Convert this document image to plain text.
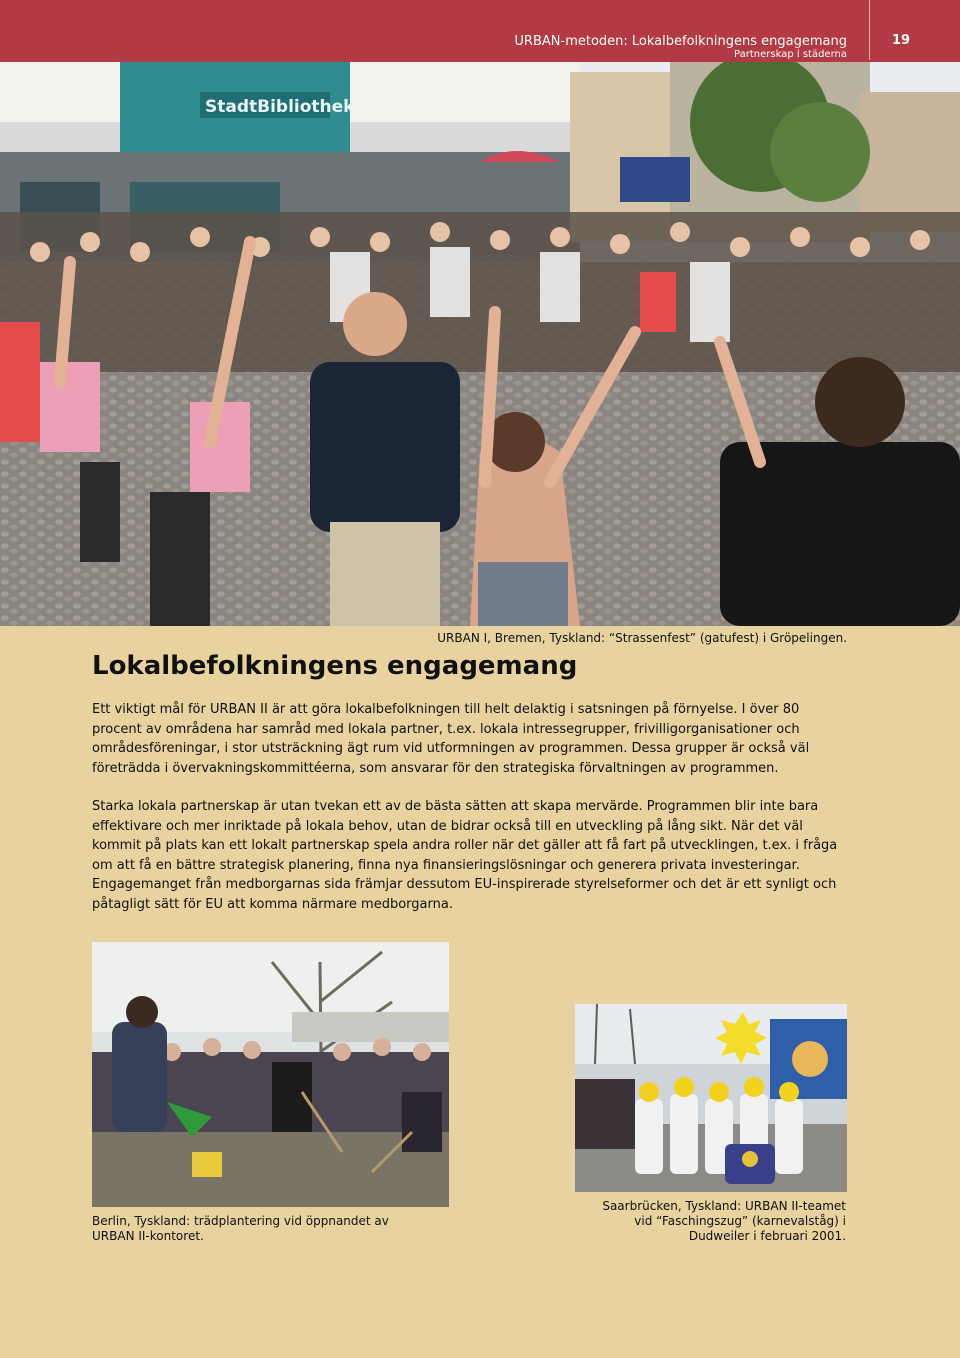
URBAN-metoden: Lokalbefolkningens engagemang
Partnerskap i städerna
19
StadtBibliothek
URBAN I, Bremen, Tyskland: “Strassenfest” (gatufest) i Gröpelingen.
Lokalbefolkningens engagemang

Ett viktigt mål för URBAN II är att göra lokalbefolkningen till helt delaktig i satsningen på förnyelse. I över 80 procent av områdena har samråd med lokala partner, t.ex. lokala intressegrupper, frivilligorganisationer och områdesföreningar, i stor utsträckning ägt rum vid utformningen av programmen. Dessa grupper är också väl företrädda i övervakningskommittéerna, som ansvarar för den strategiska förvaltningen av programmen.

Starka lokala partnerskap är utan tvekan ett av de bästa sätten att skapa mervärde. Programmen blir inte bara effektivare och mer inriktade på lokala behov, utan de bidrar också till en utveckling på lång sikt. När det väl kommit på plats kan ett lokalt partnerskap spela andra roller när det gäller att få fart på utvecklingen, t.ex. i fråga om att få en bättre strategisk planering, finna nya finansieringslösningar och generera privata investeringar. Engagemanget från medborgarnas sida främjar dessutom EU-inspirerade styrelseformer och det är ett synligt och påtagligt sätt för EU att komma närmare medborgarna.

Berlin, Tyskland: trädplantering vid öppnandet av URBAN II-kontoret.
Saarbrücken, Tyskland: URBAN II-teamet vid “Faschingszug” (karnevalståg) i Dudweiler i februari 2001.
